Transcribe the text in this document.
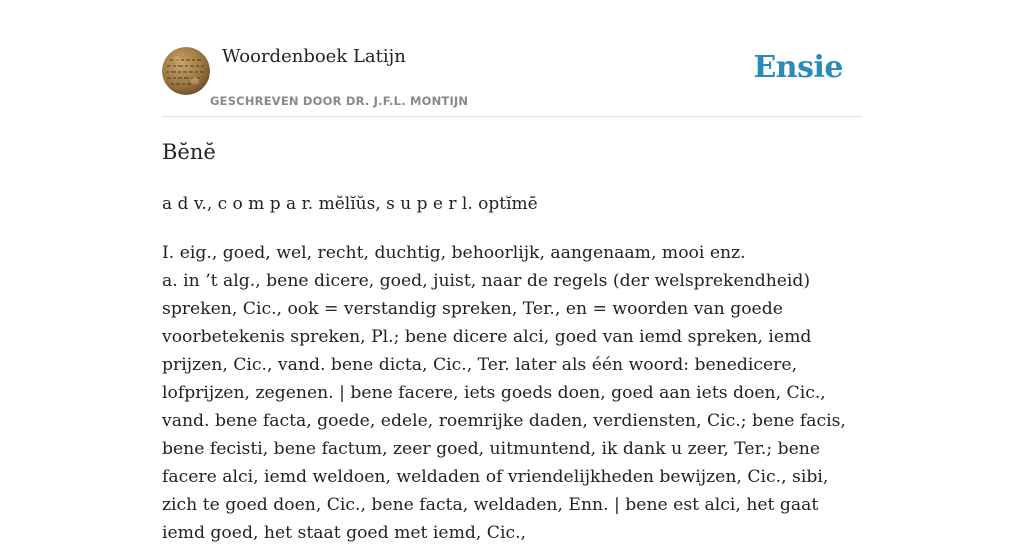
Woordenboek Latijn
GESCHREVEN DOOR DR. J.F.L. MONTIJN
Ensie
Bĕnĕ
a d v., c o m p a r. mĕlĭŭs, s u p e r l. optĭmē

I. eig., goed, wel, recht, duchtig, behoorlijk, aangenaam, mooi enz.

a. in ’t alg., bene dicere, goed, juist, naar de regels (der welsprekendheid) spreken, Cic., ook = verstandig spreken, Ter., en = woorden van goede voorbetekenis spreken, Pl.; bene dicere alci, goed van iemd spreken, iemd prijzen, Cic., vand. bene dicta, Cic., Ter. later als één woord: benedicere, lofprijzen, zegenen. | bene facere, iets goeds doen, goed aan iets doen, Cic., vand. bene facta, goede, edele, roemrijke daden, verdiensten, Cic.; bene facis, bene fecisti, bene factum, zeer goed, uitmuntend, ik dank u zeer, Ter.; bene facere alci, iemd weldoen, weldaden of vriendelijkheden bewijzen, Cic., sibi, zich te goed doen, Cic., bene facta, weldaden, Enn. | bene est alci, het gaat iemd goed, het staat goed met iemd, Cic.,
